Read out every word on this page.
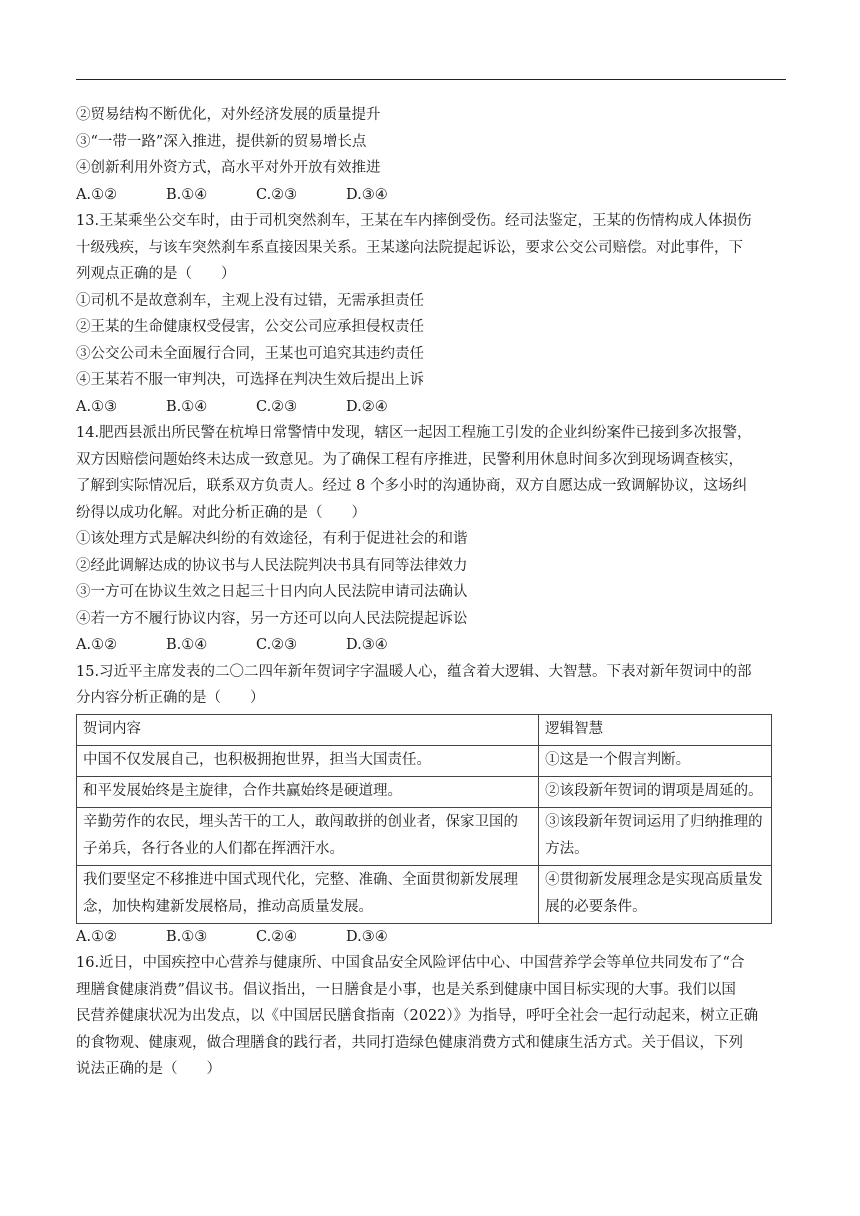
②贸易结构不断优化，对外经济发展的质量提升
③“一带一路”深入推进，提供新的贸易增长点
④创新利用外资方式，高水平对外开放有效推进
A.①②	B.①④	C.②③	D.③④
13.王某乘坐公交车时，由于司机突然刹车，王某在车内摔倒受伤。经司法鉴定，王某的伤情构成人体损伤
十级残疾，与该车突然刹车系直接因果关系。王某遂向法院提起诉讼，要求公交公司赔偿。对此事件，下
列观点正确的是（　　）
①司机不是故意刹车，主观上没有过错，无需承担责任
②王某的生命健康权受侵害，公交公司应承担侵权责任
③公交公司未全面履行合同，王某也可追究其违约责任
④王某若不服一审判决，可选择在判决生效后提出上诉
A.①③	B.①④	C.②③	D.②④
14.肥西县派出所民警在杭埠日常警情中发现，辖区一起因工程施工引发的企业纠纷案件已接到多次报警，
双方因赔偿问题始终未达成一致意见。为了确保工程有序推进，民警利用休息时间多次到现场调查核实，
了解到实际情况后，联系双方负责人。经过 8 个多小时的沟通协商，双方自愿达成一致调解协议，这场纠
纷得以成功化解。对此分析正确的是（　　）
①该处理方式是解决纠纷的有效途径，有利于促进社会的和谐
②经此调解达成的协议书与人民法院判决书具有同等法律效力
③一方可在协议生效之日起三十日内向人民法院申请司法确认
④若一方不履行协议内容，另一方还可以向人民法院提起诉讼
A.①②	B.①④	C.②③	D.③④
15.习近平主席发表的二〇二四年新年贺词字字温暖人心，蕴含着大逻辑、大智慧。下表对新年贺词中的部
分内容分析正确的是（　　）
贺词内容	逻辑智慧
中国不仅发展自己，也积极拥抱世界，担当大国责任。	①这是一个假言判断。
和平发展始终是主旋律，合作共赢始终是硬道理。	②该段新年贺词的谓项是周延的。
辛勤劳作的农民，埋头苦干的工人，敢闯敢拼的创业者，保家卫国的子弟兵，各行各业的人们都在挥洒汗水。	③该段新年贺词运用了归纳推理的方法。
我们要坚定不移推进中国式现代化，完整、准确、全面贯彻新发展理念，加快构建新发展格局，推动高质量发展。	④贯彻新发展理念是实现高质量发展的必要条件。
A.①②	B.①③	C.②④	D.③④
16.近日，中国疾控中心营养与健康所、中国食品安全风险评估中心、中国营养学会等单位共同发布了“合
理膳食健康消费”倡议书。倡议指出，一日膳食是小事，也是关系到健康中国目标实现的大事。我们以国
民营养健康状况为出发点，以《中国居民膳食指南（2022）》为指导，呼吁全社会一起行动起来，树立正确
的食物观、健康观，做合理膳食的践行者，共同打造绿色健康消费方式和健康生活方式。关于倡议，下列
说法正确的是（　　）
